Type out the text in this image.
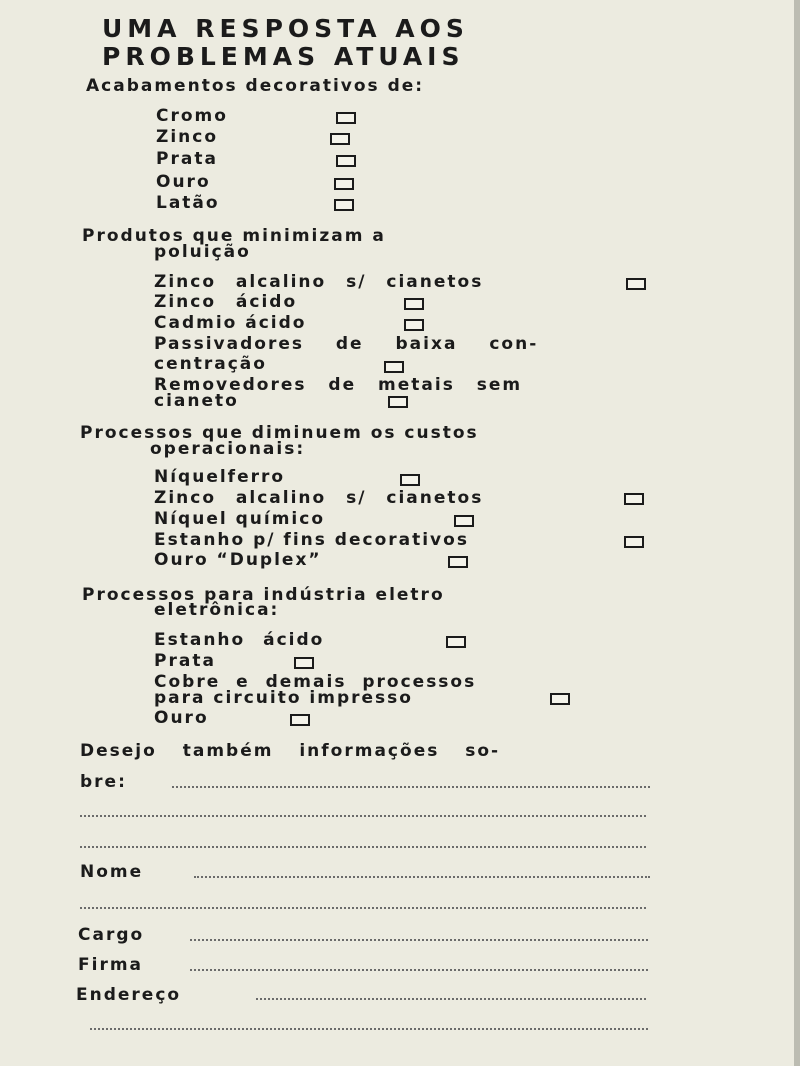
UMA RESPOSTA AOS
PROBLEMAS ATUAIS
Acabamentos decorativos de:
Cromo
Zinco
Prata
Ouro
Latão
Produtos que minimizam a
poluição
Zinco alcalino s/ cianetos
Zinco ácido
Cadmio ácido
Passivadores de baixa con-
centração
Removedores de metais sem
cianeto
Processos que diminuem os custos
operacionais:
Níquelferro
Zinco alcalino s/ cianetos
Níquel químico
Estanho p/ fins decorativos
Ouro “Duplex”
Processos para indústria eletro
eletrônica:
Estanho ácido
Prata
Cobre e demais processos
para circuito impresso
Ouro
Desejo também informações so-
bre:
Nome
Cargo
Firma
Endereço
